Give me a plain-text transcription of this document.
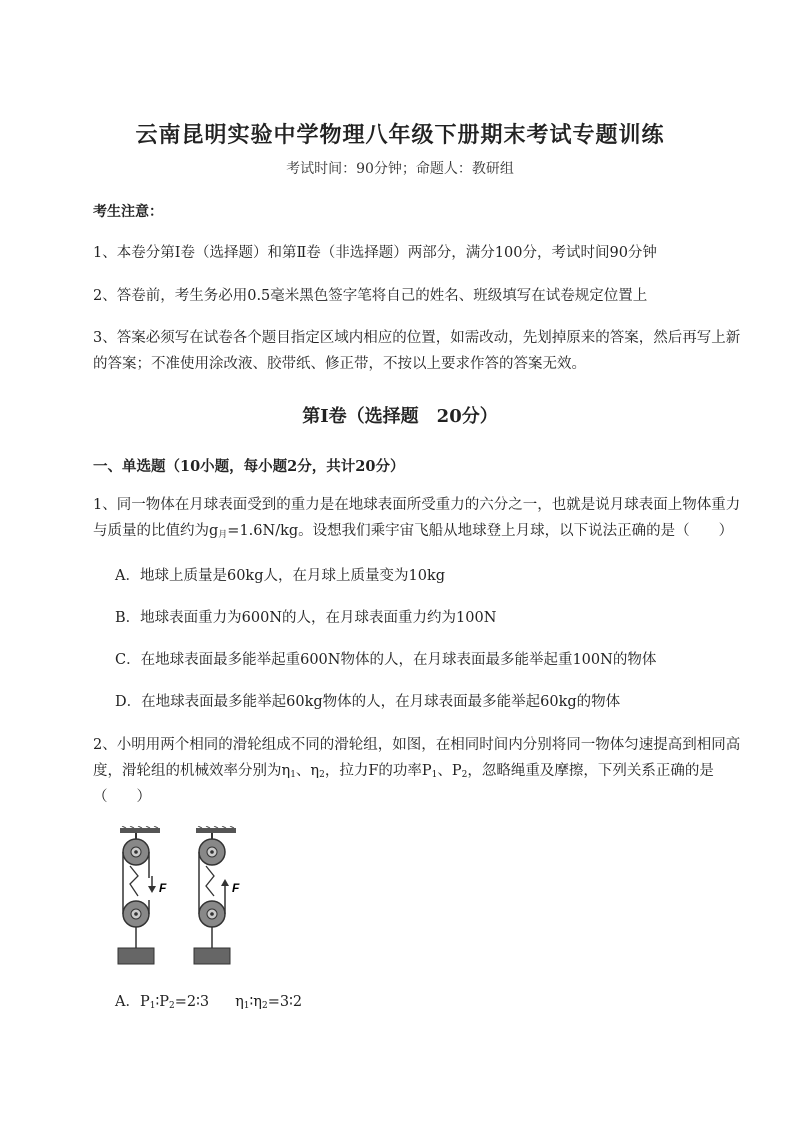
云南昆明实验中学物理八年级下册期末考试专题训练
考试时间：90分钟；命题人：教研组
考生注意：
1、本卷分第Ⅰ卷（选择题）和第Ⅱ卷（非选择题）两部分，满分100分，考试时间90分钟
2、答卷前，考生务必用0.5毫米黑色签字笔将自己的姓名、班级填写在试卷规定位置上
3、答案必须写在试卷各个题目指定区域内相应的位置，如需改动，先划掉原来的答案，然后再写上新
的答案；不准使用涂改液、胶带纸、修正带，不按以上要求作答的答案无效。
第Ⅰ卷（选择题　20分）
一、单选题（10小题，每小题2分，共计20分）
1、同一物体在月球表面受到的重力是在地球表面所受重力的六分之一，也就是说月球表面上物体重力
与质量的比值约为$g_月=1.6N/kg$。设想我们乘宇宙飞船从地球登上月球，以下说法正确的是（　　）
A．地球上质量是60kg人，在月球上质量变为10kg
B．地球表面重力为600N的人，在月球表面重力约为100N
C．在地球表面最多能举起重600N物体的人，在月球表面最多能举起重100N的物体
D．在地球表面最多能举起60kg物体的人，在月球表面最多能举起60kg的物体
2、小明用两个相同的滑轮组成不同的滑轮组，如图，在相同时间内分别将同一物体匀速提高到相同高
度，滑轮组的机械效率分别为$\eta_1$、$\eta_2$，拉力F的功率$P_1$、$P_2$，忽略绳重及摩擦，下列关系正确的是
（　　）
F	F
A．$P_1∶P_2=2∶3$ $\eta_1∶\eta_2=3∶2$
